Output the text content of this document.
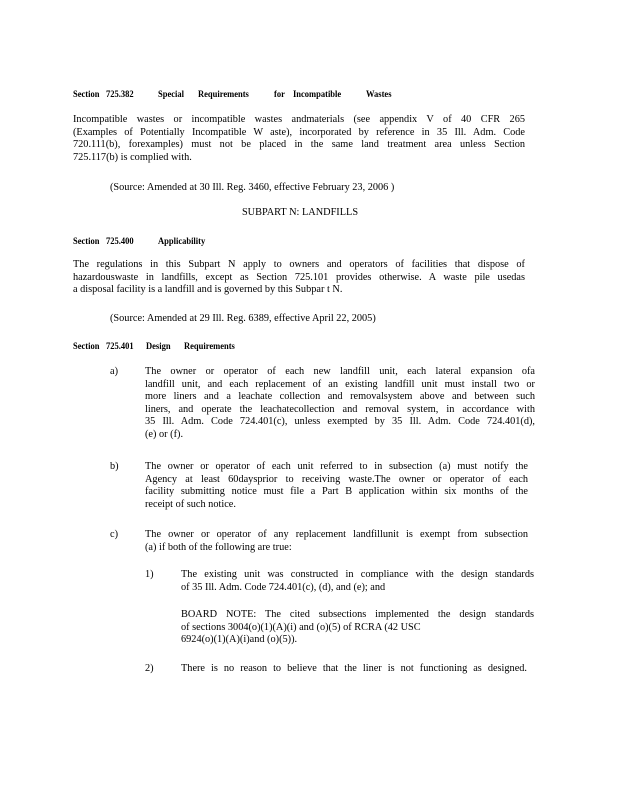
Section 725.382	Special Requirements	for Incompatible	Wastes
Incompatible wastes or incompatible wastes andmaterials (see appendix V of 40 CFR 265
(Examples of Potentially Incompatible W aste), incorporated by reference in 35 Ill. Adm. Code
720.111(b), forexamples) must not be placed in the same land treatment area unless Section
725.117(b) is complied with.
(Source: Amended at 30 Ill. Reg. 3460, effective February 23, 2006 )
SUBPART N: LANDFILLS
Section 725.400	Applicability
The regulations in this Subpart N apply to owners and operators of facilities that dispose of
hazardouswaste in landfills, except as Section 725.101 provides otherwise. A waste pile usedas
a disposal facility is a landfill and is governed by this Subpar t N.
(Source: Amended at 29 Ill. Reg. 6389, effective April 22, 2005)
Section 725.401 Design Requirements
a)	The owner or operator of each new landfill unit, each lateral expansion ofa
landfill unit, and each replacement of an existing landfill unit must install two or
more liners and a leachate collection and removalsystem above and between such
liners, and operate the leachatecollection and removal system, in accordance with
35 Ill. Adm. Code 724.401(c), unless exempted by 35 Ill. Adm. Code 724.401(d),
(e) or (f).
b)	The owner or operator of each unit referred to in subsection (a) must notify the
Agency at least 60daysprior to receiving waste.The owner or operator of each
facility submitting notice must file a Part B application within six months of the
receipt of such notice.
c)	The owner or operator of any replacement landfillunit is exempt from subsection
(a) if both of the following are true:
1)	The existing unit was constructed in compliance with the design standards
of 35 Ill. Adm. Code 724.401(c), (d), and (e); and
BOARD NOTE: The cited subsections implemented the design standards
of sections 3004(o)(1)(A)(i) and (o)(5) of RCRA (42 USC
6924(o)(1)(A)(i)and (o)(5)).
2)	There is no reason to believe that the liner is not functioning as designed.
